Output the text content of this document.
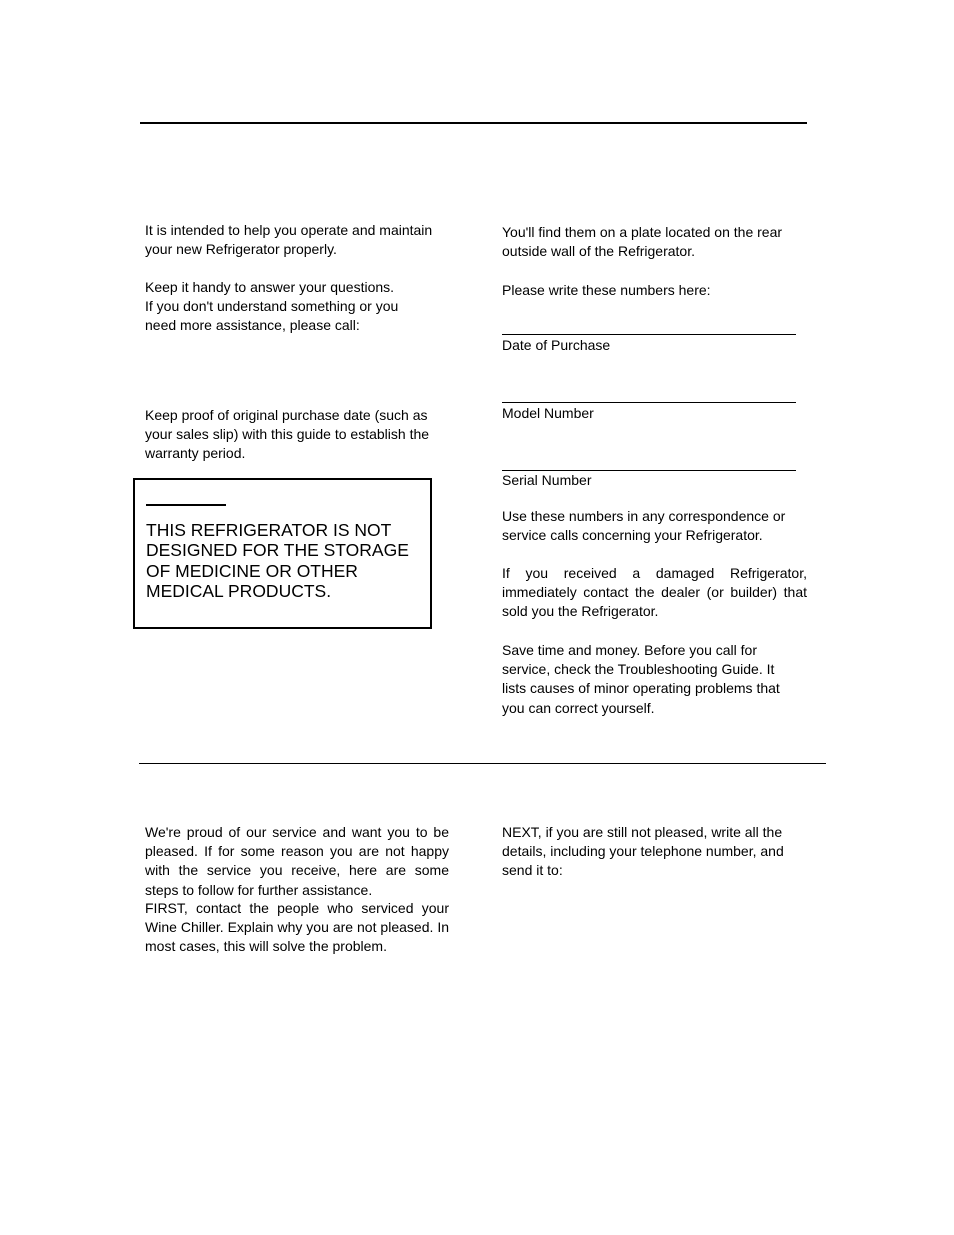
It is intended to help you operate and maintain
your new Refrigerator properly.
Keep it handy to answer your questions.
If you don't understand something or you
need more assistance, please call:
Keep proof of original purchase date (such as
your sales slip) with this guide to establish the
warranty period.
THIS REFRIGERATOR IS NOT DESIGNED FOR THE STORAGE OF MEDICINE OR OTHER MEDICAL PRODUCTS.
You'll find them on a plate located on the rear
outside wall of the Refrigerator.
Please write these numbers here:
Date of Purchase
Model Number
Serial Number
Use these numbers in any correspondence or
service calls concerning your Refrigerator.
If you received a damaged Refrigerator, immediately contact the dealer (or builder) that sold you the Refrigerator.
Save time and money. Before you call for
service, check the Troubleshooting Guide. It
lists causes of minor operating problems that
you can correct yourself.
We're proud of our service and want you to be pleased. If for some reason you are not happy with the service you receive, here are some steps to follow for further assistance.
FIRST, contact the people who serviced your Wine Chiller. Explain why you are not pleased. In most cases, this will solve the problem.
NEXT, if you are still not pleased, write all the
details, including your telephone number, and
send it to:
